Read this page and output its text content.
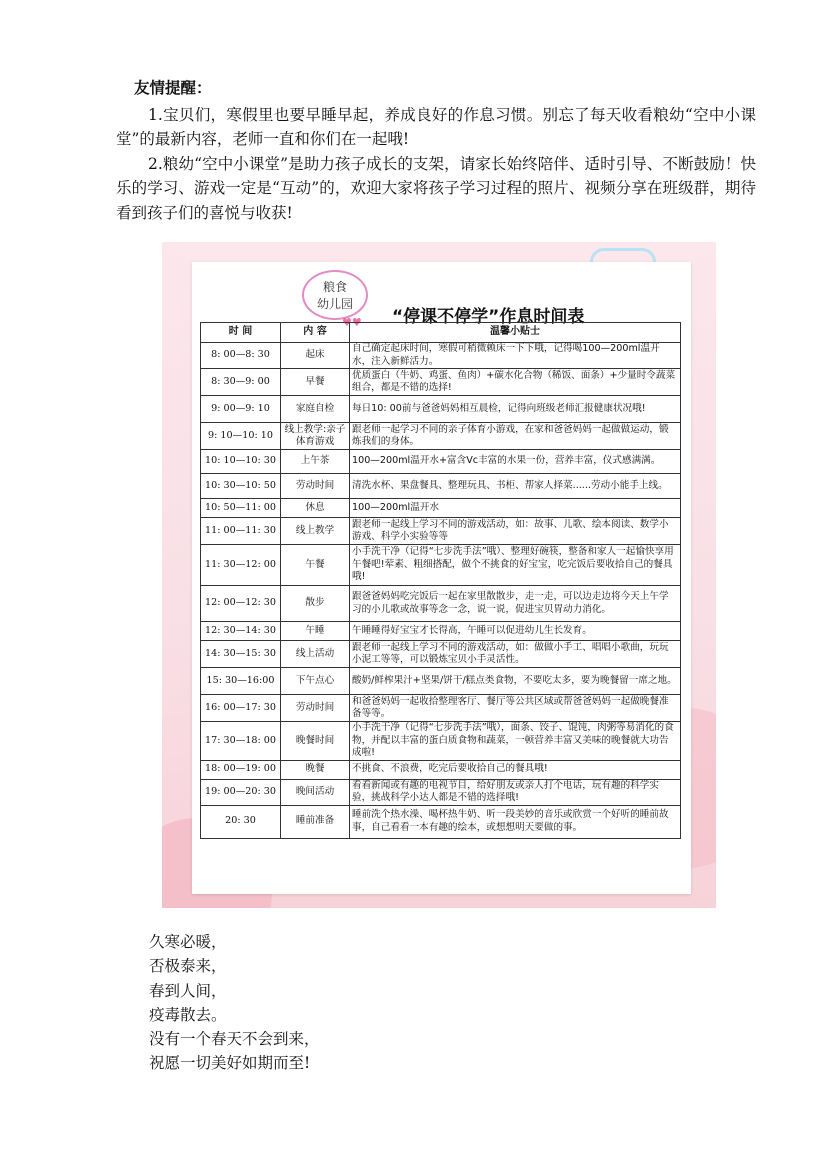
友情提醒：

1.宝贝们，寒假里也要早睡早起，养成良好的作息习惯。别忘了每天收看粮幼“空中小课堂”的最新内容，老师一直和你们在一起哦!

2.粮幼“空中小课堂”是助力孩子成长的支架，请家长始终陪伴、适时引导、不断鼓励！快乐的学习、游戏一定是“互动”的，欢迎大家将孩子学习过程的照片、视频分享在班级群，期待看到孩子们的喜悦与收获!

粮食
幼儿园
♥♥ “停课不停学”作息时间表
时 间	内 容	温馨小贴士
8: 00—8: 30	起床	自己确定起床时间，寒假可稍微赖床一下下哦，记得喝100—200ml温开水，注入新鲜活力。
8: 30—9: 00	早餐	优质蛋白（牛奶、鸡蛋、鱼肉）+碳水化合物（稀饭、面条）+少量时令蔬菜组合，都是不错的选择!
9: 00—9: 10	家庭自检	每日10: 00前与爸爸妈妈相互晨检，记得向班级老师汇报健康状况哦!
9: 10—10: 10	线上教学:亲子体育游戏	跟老师一起学习不同的亲子体育小游戏，在家和爸爸妈妈一起做做运动，锻炼我们的身体。
10: 10—10: 30	上午茶	100—200ml温开水+富含Vc丰富的水果一份，营养丰富，仪式感满满。
10: 30—10: 50	劳动时间	清洗水杯、果盘餐具、整理玩具、书柜、帮家人择菜......劳动小能手上线。
10: 50—11: 00	休息	100—200ml温开水
11: 00—11: 30	线上教学	跟老师一起线上学习不同的游戏活动，如：故事、儿歌、绘本阅读、数学小游戏、科学小实验等等
11: 30—12: 00	午餐	小手洗干净（记得“七步洗手法”哦）、整理好碗筷，整备和家人一起愉快享用午餐吧!荤素、粗细搭配，做个不挑食的好宝宝，吃完饭后要收拾自己的餐具哦!
12: 00—12: 30	散步	跟爸爸妈妈吃完饭后一起在家里散散步，走一走，可以边走边将今天上午学习的小儿歌或故事等念一念，说一说，促进宝贝胃动力消化。
12: 30—14: 30	午睡	午睡睡得好宝宝才长得高，午睡可以促进幼儿生长发育。
14: 30—15: 30	线上活动	跟老师一起线上学习不同的游戏活动，如：做做小手工、唱唱小歌曲，玩玩小泥工等等，可以锻炼宝贝小手灵活性。
15: 30—16:00	下午点心	酸奶/鲜榨果汁+坚果/饼干/糕点类食物，不要吃太多，要为晚餐留一席之地。
16: 00—17: 30	劳动时间	和爸爸妈妈一起收拾整理客厅、餐厅等公共区域或帮爸爸妈妈一起做晚餐准备等等。
17: 30—18: 00	晚餐时间	小手洗干净（记得“七步洗手法”哦），面条、饺子、馄饨，肉粥等易消化的食物，并配以丰富的蛋白质食物和蔬菜，一顿营养丰富又美味的晚餐就大功告成啦!
18: 00—19: 00	晚餐	不挑食、不浪费，吃完后要收拾自己的餐具哦!
19: 00—20: 30	晚间活动	看看新闻或有趣的电视节目，给好朋友或亲人打个电话，玩有趣的科学实验，挑战科学小达人都是不错的选择哦!
20: 30	睡前准备	睡前洗个热水澡、喝杯热牛奶、听一段美妙的音乐或欣赏一个好听的睡前故事，自己看看一本有趣的绘本，或想想明天要做的事。

久寒必暖，

否极泰来，

春到人间，

疫毒散去。

没有一个春天不会到来，

祝愿一切美好如期而至!
